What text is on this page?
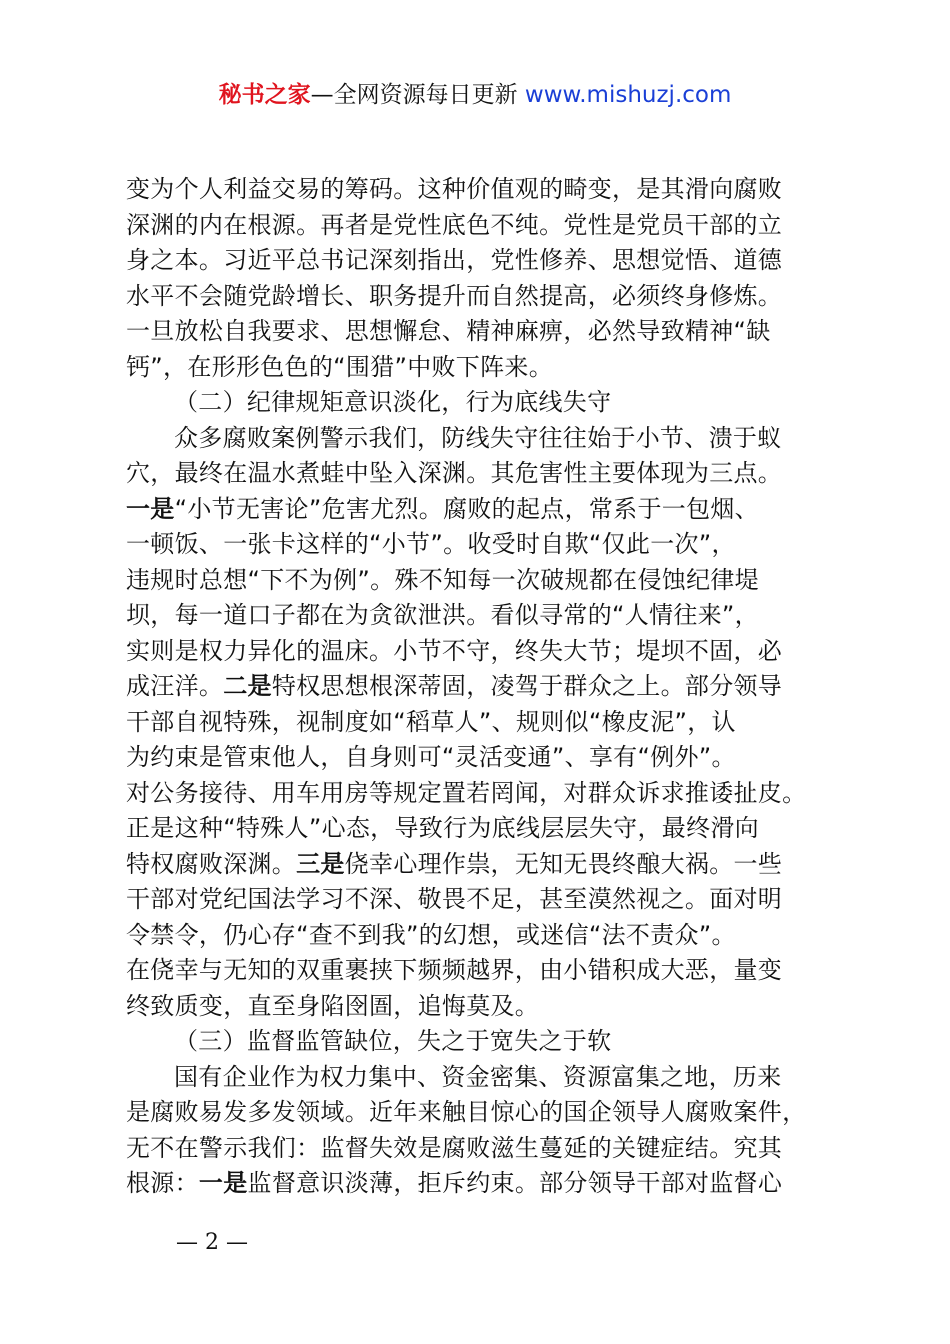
秘书之家—全网资源每日更新 www.mishuzj.com
变为个人利益交易的筹码。这种价值观的畸变，是其滑向腐败
深渊的内在根源。再者是党性底色不纯。党性是党员干部的立
身之本。习近平总书记深刻指出，党性修养、思想觉悟、道德
水平不会随党龄增长、职务提升而自然提高，必须终身修炼。
一旦放松自我要求、思想懈怠、精神麻痹，必然导致精神“缺
钙”，在形形色色的“围猎”中败下阵来。
（二）纪律规矩意识淡化，行为底线失守
众多腐败案例警示我们，防线失守往往始于小节、溃于蚁
穴，最终在温水煮蛙中坠入深渊。其危害性主要体现为三点。
一是“小节无害论”危害尤烈。腐败的起点，常系于一包烟、
一顿饭、一张卡这样的“小节”。收受时自欺“仅此一次”，
违规时总想“下不为例”。殊不知每一次破规都在侵蚀纪律堤
坝，每一道口子都在为贪欲泄洪。看似寻常的“人情往来”，
实则是权力异化的温床。小节不守，终失大节；堤坝不固，必
成汪洋。二是特权思想根深蒂固，凌驾于群众之上。部分领导
干部自视特殊，视制度如“稻草人”、规则似“橡皮泥”，认
为约束是管束他人，自身则可“灵活变通”、享有“例外”。
对公务接待、用车用房等规定置若罔闻，对群众诉求推诿扯皮。
正是这种“特殊人”心态，导致行为底线层层失守，最终滑向
特权腐败深渊。三是侥幸心理作祟，无知无畏终酿大祸。一些
干部对党纪国法学习不深、敬畏不足，甚至漠然视之。面对明
令禁令，仍心存“查不到我”的幻想，或迷信“法不责众”。
在侥幸与无知的双重裹挟下频频越界，由小错积成大恶，量变
终致质变，直至身陷囹圄，追悔莫及。
（三）监督监管缺位，失之于宽失之于软
国有企业作为权力集中、资金密集、资源富集之地，历来
是腐败易发多发领域。近年来触目惊心的国企领导人腐败案件，
无不在警示我们：监督失效是腐败滋生蔓延的关键症结。究其
根源：一是监督意识淡薄，拒斥约束。部分领导干部对监督心
— 2 —
